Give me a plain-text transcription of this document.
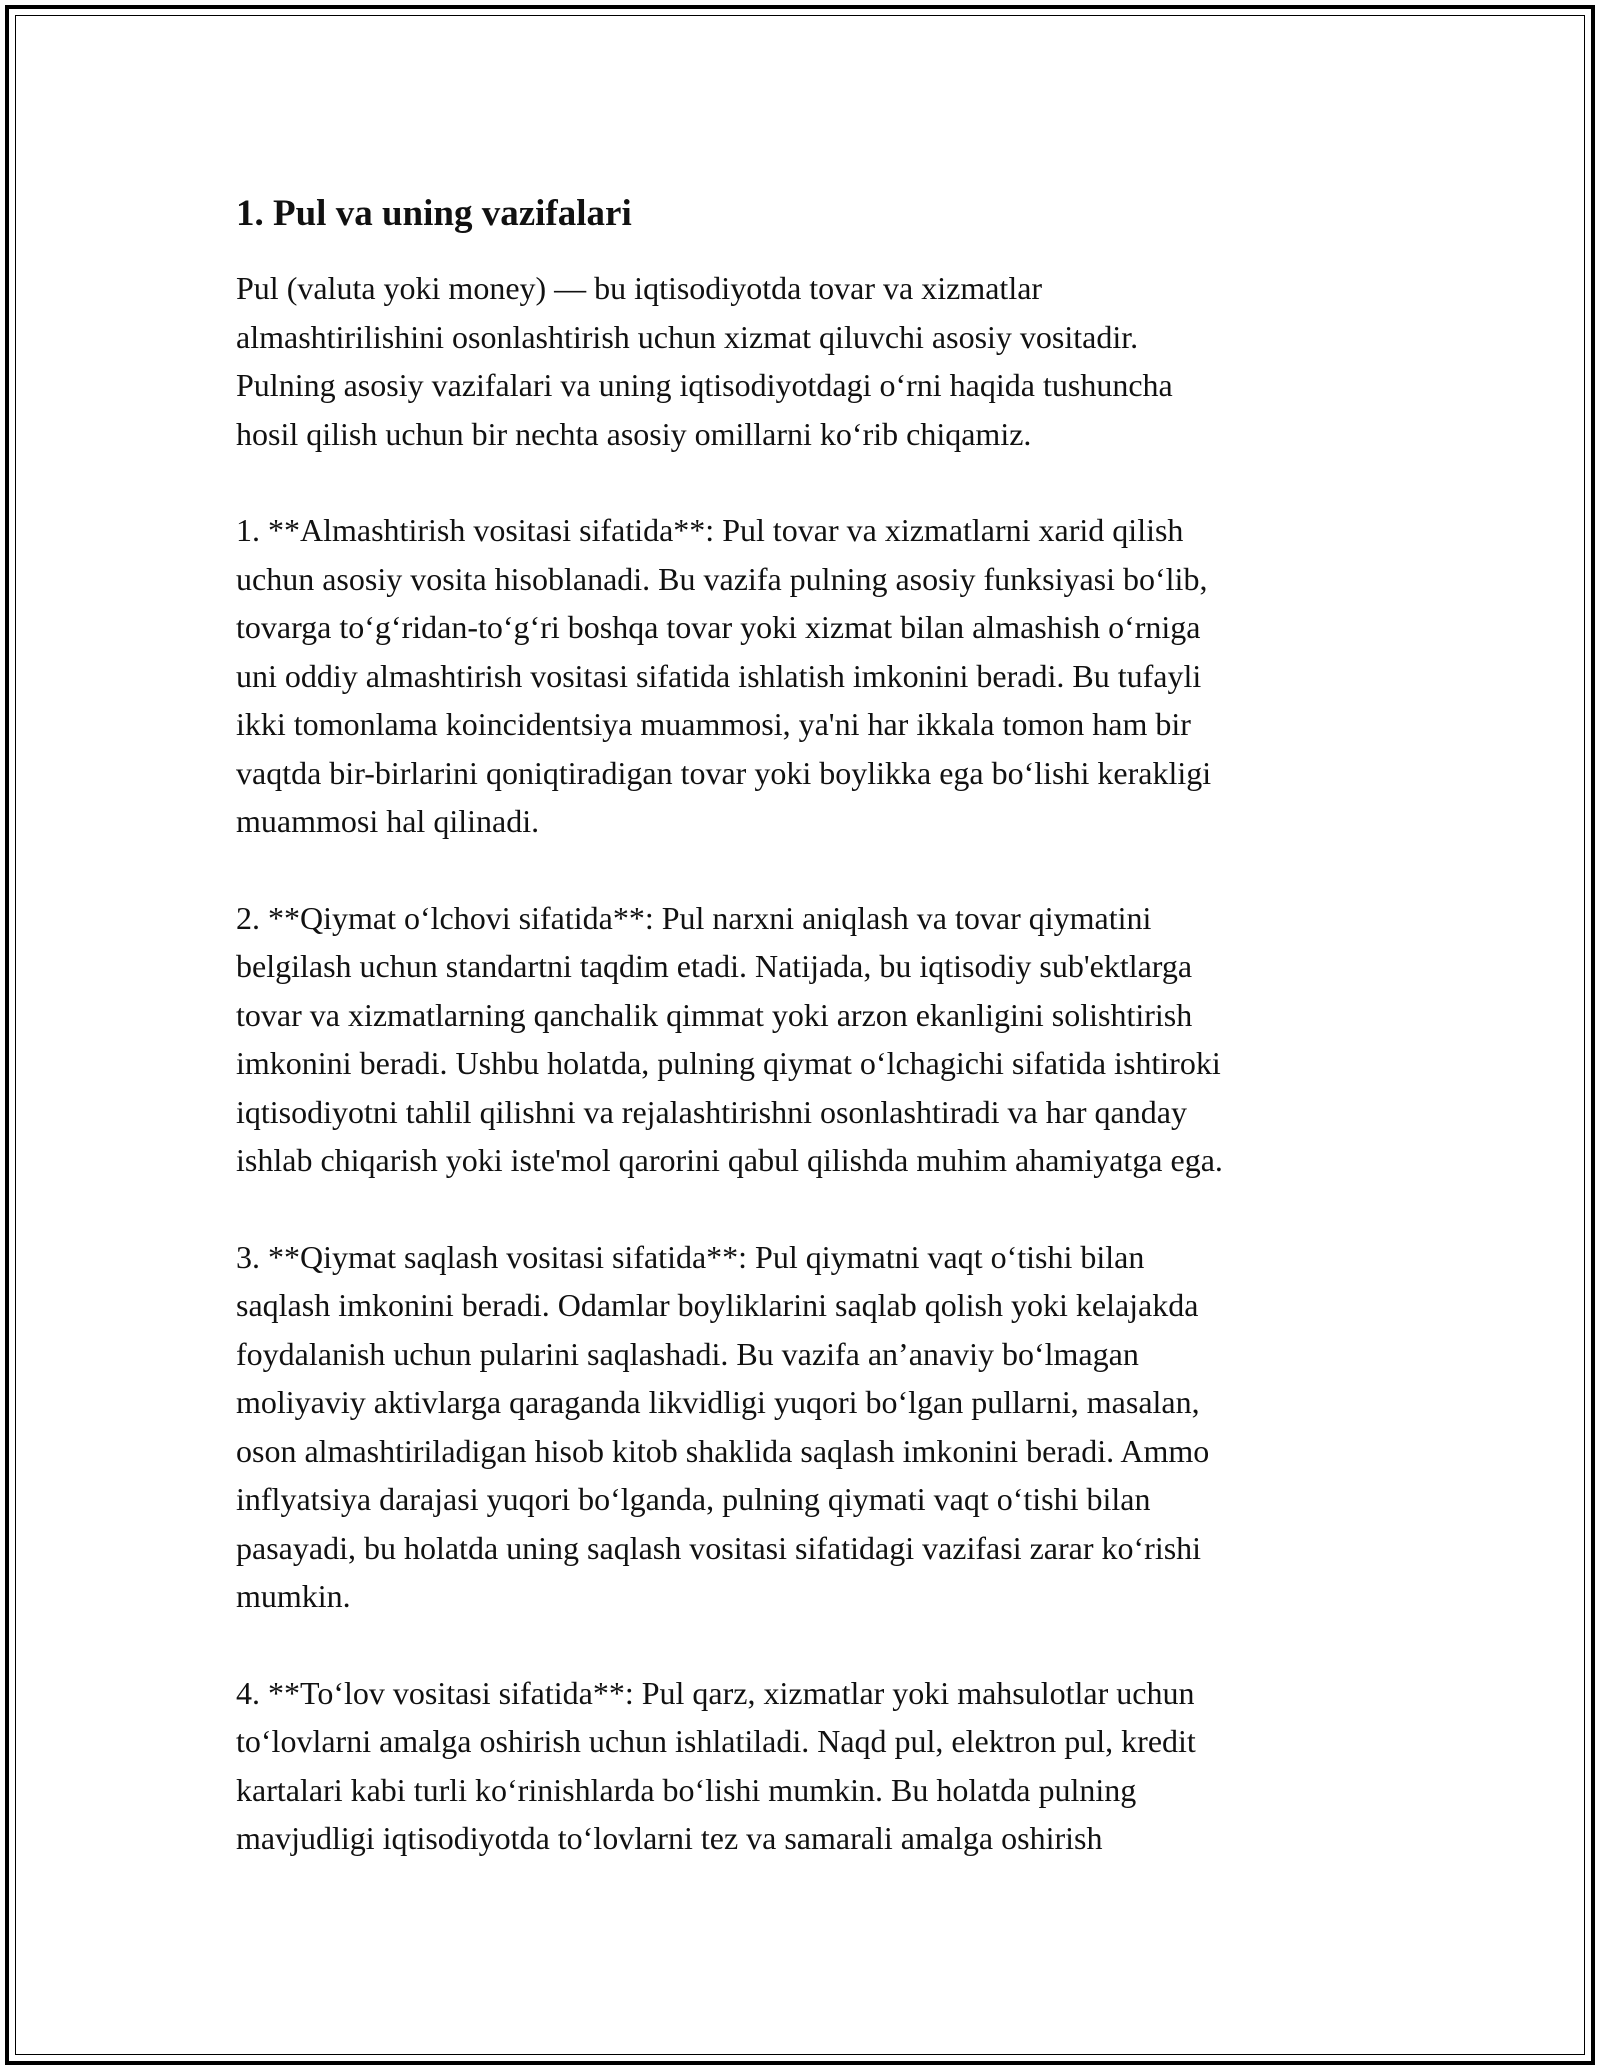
1. Pul va uning vazifalari
Pul (valuta yoki money) — bu iqtisodiyotda tovar va xizmatlar
almashtirilishini osonlashtirish uchun xizmat qiluvchi asosiy vositadir.
Pulning asosiy vazifalari va uning iqtisodiyotdagi o‘rni haqida tushuncha
hosil qilish uchun bir nechta asosiy omillarni ko‘rib chiqamiz.
1. **Almashtirish vositasi sifatida**: Pul tovar va xizmatlarni xarid qilish
uchun asosiy vosita hisoblanadi. Bu vazifa pulning asosiy funksiyasi bo‘lib,
tovarga to‘g‘ridan-to‘g‘ri boshqa tovar yoki xizmat bilan almashish o‘rniga
uni oddiy almashtirish vositasi sifatida ishlatish imkonini beradi. Bu tufayli
ikki tomonlama koincidentsiya muammosi, ya'ni har ikkala tomon ham bir
vaqtda bir-birlarini qoniqtiradigan tovar yoki boylikka ega bo‘lishi kerakligi
muammosi hal qilinadi.
2. **Qiymat o‘lchovi sifatida**: Pul narxni aniqlash va tovar qiymatini
belgilash uchun standartni taqdim etadi. Natijada, bu iqtisodiy sub'ektlarga
tovar va xizmatlarning qanchalik qimmat yoki arzon ekanligini solishtirish
imkonini beradi. Ushbu holatda, pulning qiymat o‘lchagichi sifatida ishtiroki
iqtisodiyotni tahlil qilishni va rejalashtirishni osonlashtiradi va har qanday
ishlab chiqarish yoki iste'mol qarorini qabul qilishda muhim ahamiyatga ega.
3. **Qiymat saqlash vositasi sifatida**: Pul qiymatni vaqt o‘tishi bilan
saqlash imkonini beradi. Odamlar boyliklarini saqlab qolish yoki kelajakda
foydalanish uchun pularini saqlashadi. Bu vazifa an’anaviy bo‘lmagan
moliyaviy aktivlarga qaraganda likvidligi yuqori bo‘lgan pullarni, masalan,
oson almashtiriladigan hisob kitob shaklida saqlash imkonini beradi. Ammo
inflyatsiya darajasi yuqori bo‘lganda, pulning qiymati vaqt o‘tishi bilan
pasayadi, bu holatda uning saqlash vositasi sifatidagi vazifasi zarar ko‘rishi
mumkin.
4. **To‘lov vositasi sifatida**: Pul qarz, xizmatlar yoki mahsulotlar uchun
to‘lovlarni amalga oshirish uchun ishlatiladi. Naqd pul, elektron pul, kredit
kartalari kabi turli ko‘rinishlarda bo‘lishi mumkin. Bu holatda pulning
mavjudligi iqtisodiyotda to‘lovlarni tez va samarali amalga oshirish
